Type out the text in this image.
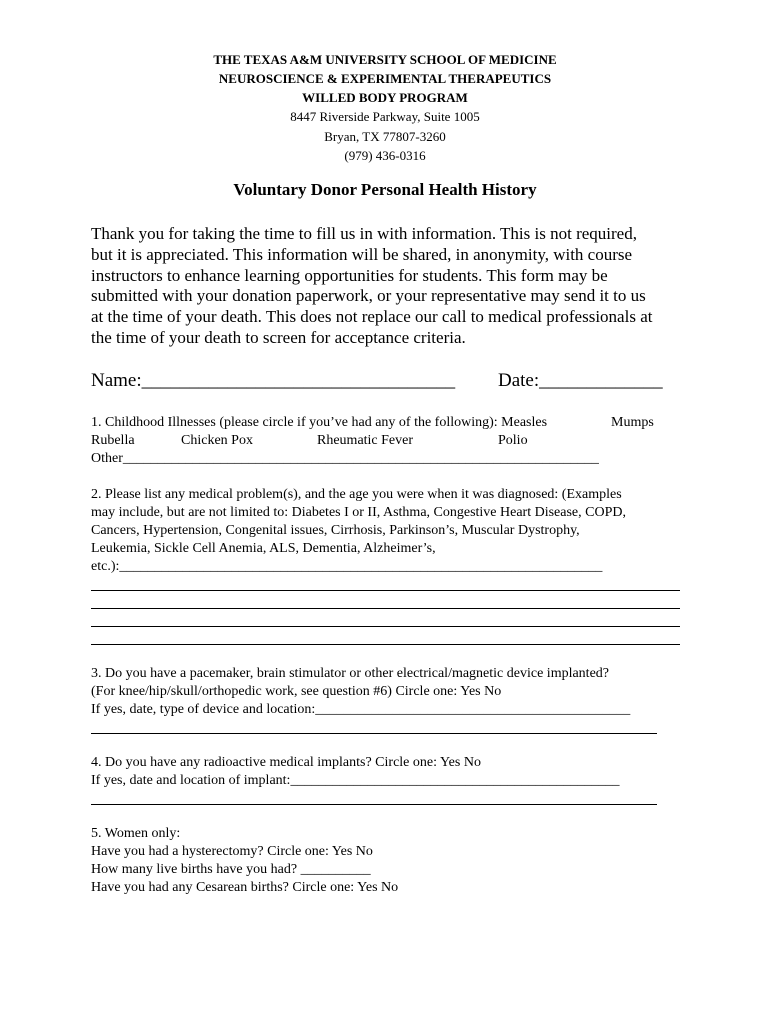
THE TEXAS A&M UNIVERSITY SCHOOL OF MEDICINE
NEUROSCIENCE & EXPERIMENTAL THERAPEUTICS
WILLED BODY PROGRAM
8447 Riverside Parkway, Suite 1005
Bryan, TX 77807-3260
(979) 436-0316
Voluntary Donor Personal Health History
Thank you for taking the time to fill us in with information. This is not required,
but it is appreciated. This information will be shared, in anonymity, with course
instructors to enhance learning opportunities for students. This form may be
submitted with your donation paperwork, or your representative may send it to us
at the time of your death. This does not replace our call to medical professionals at
the time of your death to screen for acceptance criteria.
Name:_________________________________ Date:_____________
1. Childhood Illnesses (please circle if you’ve had any of the following): Measles	Mumps
Rubella	Chicken Pox	Rheumatic Fever	Polio
Other____________________________________________________________________
2. Please list any medical problem(s), and the age you were when it was diagnosed: (Examples
may include, but are not limited to: Diabetes I or II, Asthma, Congestive Heart Disease, COPD,
Cancers, Hypertension, Congenital issues, Cirrhosis, Parkinson’s, Muscular Dystrophy,
Leukemia, Sickle Cell Anemia, ALS, Dementia, Alzheimer’s,
etc.):_____________________________________________________________________
3. Do you have a pacemaker, brain stimulator or other electrical/magnetic device implanted?
(For knee/hip/skull/orthopedic work, see question #6) Circle one: Yes No
If yes, date, type of device and location:_____________________________________________
4. Do you have any radioactive medical implants? Circle one: Yes No
If yes, date and location of implant:_______________________________________________
5. Women only:
Have you had a hysterectomy? Circle one: Yes No
How many live births have you had? __________
Have you had any Cesarean births? Circle one: Yes No
